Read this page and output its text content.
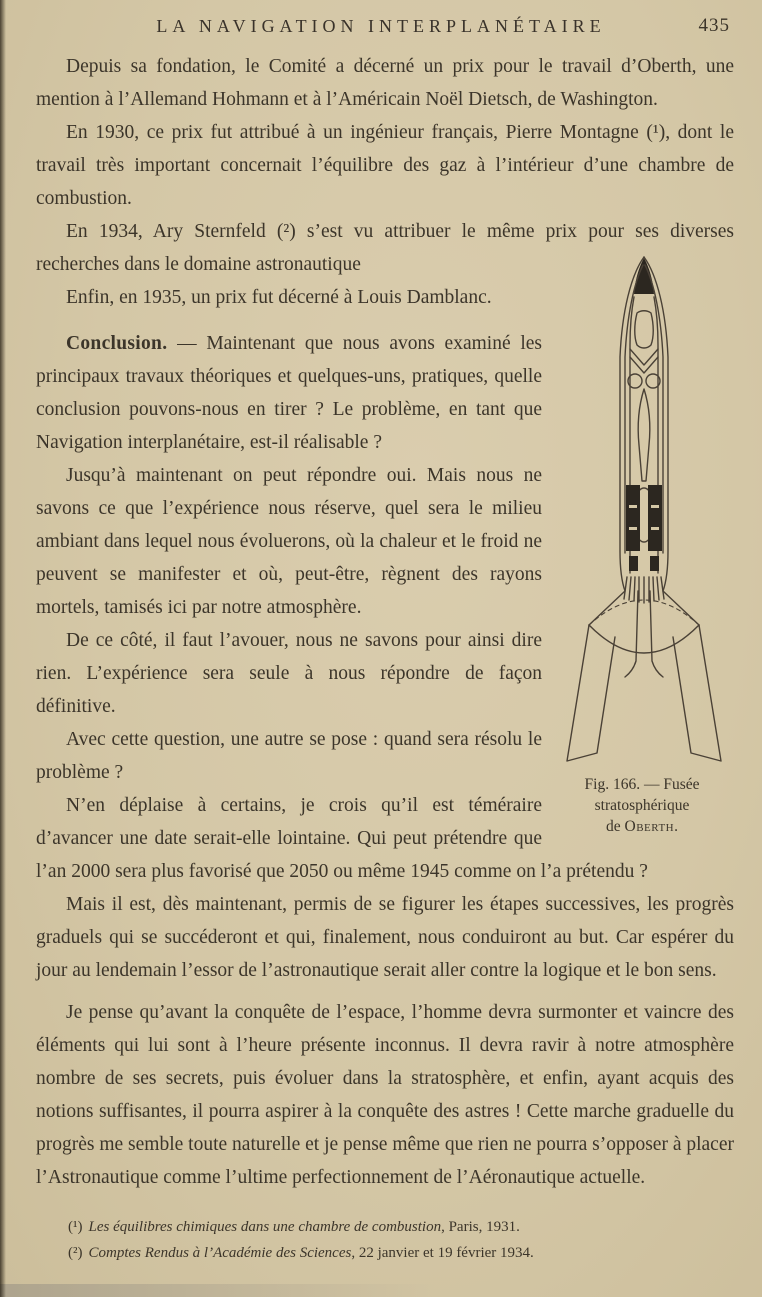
LA NAVIGATION INTERPLANÉTAIRE	435

Depuis sa fondation, le Comité a décerné un prix pour le travail d’Oberth, une mention à l’Allemand Hohmann et à l’Américain Noël Dietsch, de Washington.

En 1930, ce prix fut attribué à un ingénieur français, Pierre Montagne (¹), dont le travail très important concernait l’équilibre des gaz à l’intérieur d’une chambre de combustion.

En 1934, Ary Sternfeld (²) s’est vu attribuer le même prix pour ses diverses recherches dans le domaine astronautique

Fig. 166. — Fusée
stratosphérique
de Oberth.

Enfin, en 1935, un prix fut décerné à Louis Damblanc.

Conclusion. — Maintenant que nous avons examiné les principaux travaux théoriques et quelques-uns, pratiques, quelle conclusion pouvons-nous en tirer ? Le problème, en tant que Navigation interplanétaire, est-il réalisable ?

Jusqu’à maintenant on peut répondre oui. Mais nous ne savons ce que l’expérience nous réserve, quel sera le milieu ambiant dans lequel nous évoluerons, où la chaleur et le froid ne peuvent se manifester et où, peut-être, règnent des rayons mortels, tamisés ici par notre atmosphère.

De ce côté, il faut l’avouer, nous ne savons pour ainsi dire rien. L’expérience sera seule à nous répondre de façon définitive.

Avec cette question, une autre se pose : quand sera résolu le problème ?

N’en déplaise à certains, je crois qu’il est téméraire d’avancer une date serait-elle lointaine. Qui peut prétendre que l’an 2000 sera plus favorisé que 2050 ou même 1945 comme on l’a prétendu ?

Mais il est, dès maintenant, permis de se figurer les étapes successives, les progrès graduels qui se succéderont et qui, finalement, nous conduiront au but. Car espérer du jour au lendemain l’essor de l’astronautique serait aller contre la logique et le bon sens.

Je pense qu’avant la conquête de l’espace, l’homme devra surmonter et vaincre des éléments qui lui sont à l’heure présente inconnus. Il devra ravir à notre atmosphère nombre de ses secrets, puis évoluer dans la stratosphère, et enfin, ayant acquis des notions suffisantes, il pourra aspirer à la conquête des astres ! Cette marche graduelle du progrès me semble toute naturelle et je pense même que rien ne pourra s’opposer à placer l’Astronautique comme l’ultime perfectionnement de l’Aéronautique actuelle.

(¹) Les équilibres chimiques dans une chambre de combustion, Paris, 1931.

(²) Comptes Rendus à l’Académie des Sciences, 22 janvier et 19 février 1934.
